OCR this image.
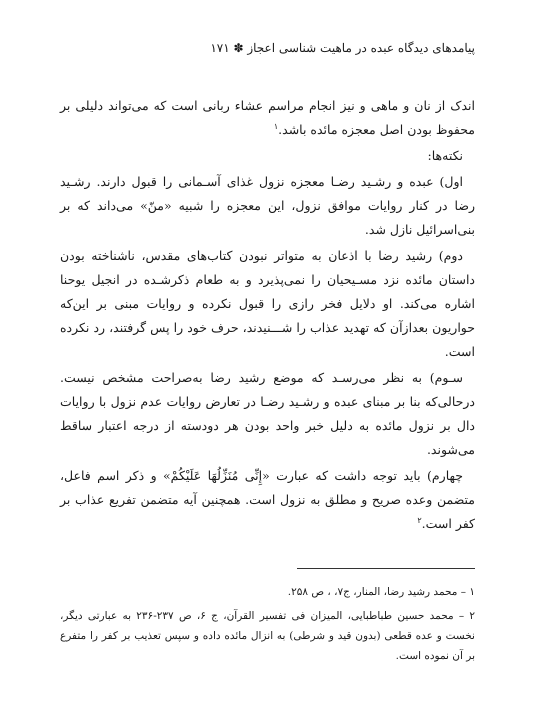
پیامدهای دیدگاه عبده در ماهیت شناسی اعجاز ✽ ۱۷۱

اندک از نان و ماهی و نیز انجام مراسم عشاء ربانی است که می‌تواند دلیلی بر محفوظ بودن اصل معجزه مائده باشد.$^۱$

نکته‌ها:

اول) عبده و رشـید رضـا معجزه نزول غذای آسـمانی را قبول دارند. رشـید رضا در کنار روایات موافق نزول، این معجزه را شبیه «منّ» می‌داند که بر بنی‌اسرائیل نازل شد.

دوم) رشید رضا با اذعان به متواتر نبودن کتاب‌های مقدس، ناشناخته بودن داستان مائده نزد مسـیحیان را نمی‌پذیرد و به طعام ذکرشـده در انجیل یوحنا اشاره می‌کند. او دلایل فخر رازی را قبول نکرده و روایات مبنی بر این‌که حواریون بعدازآن که تهدید عذاب را شـــنیدند، حرف خود را پس گرفتند، رد نکرده است.

سـوم) به نظر می‌رسـد که موضع رشید رضا به‌صراحت مشخص نیست. درحالی‌که بنا بر مبنای عبده و رشـید رضـا در تعارض روایات عدم نزول با روایات دال بر نزول مائده به دلیل خبر واحد بودن هر دودسته از درجه اعتبار ساقط می‌شوند.

چهارم) باید توجه داشت که عبارت «إِنِّی مُنَزِّلُهَا عَلَیْکُمْ» و ذکر اسم فاعل، متضمن وعده صریح و مطلق به نزول است. همچنین آیه متضمن تفریع عذاب بر کفر است.$^۲$

۱ – محمد رشید رضا، المنار، ج۷، ، ص ۲۵۸.

۲ – محمد حسین طباطبایی، المیزان فی تفسیر القرآن، ج ۶، ص ۲۳۷-۲۳۶ به عبارتی دیگر، نخست و عده قطعی (بدون قید و شرطی) به انزال مائده داده و سپس تعذیب بر کفر را متفرع بر آن نموده است.
